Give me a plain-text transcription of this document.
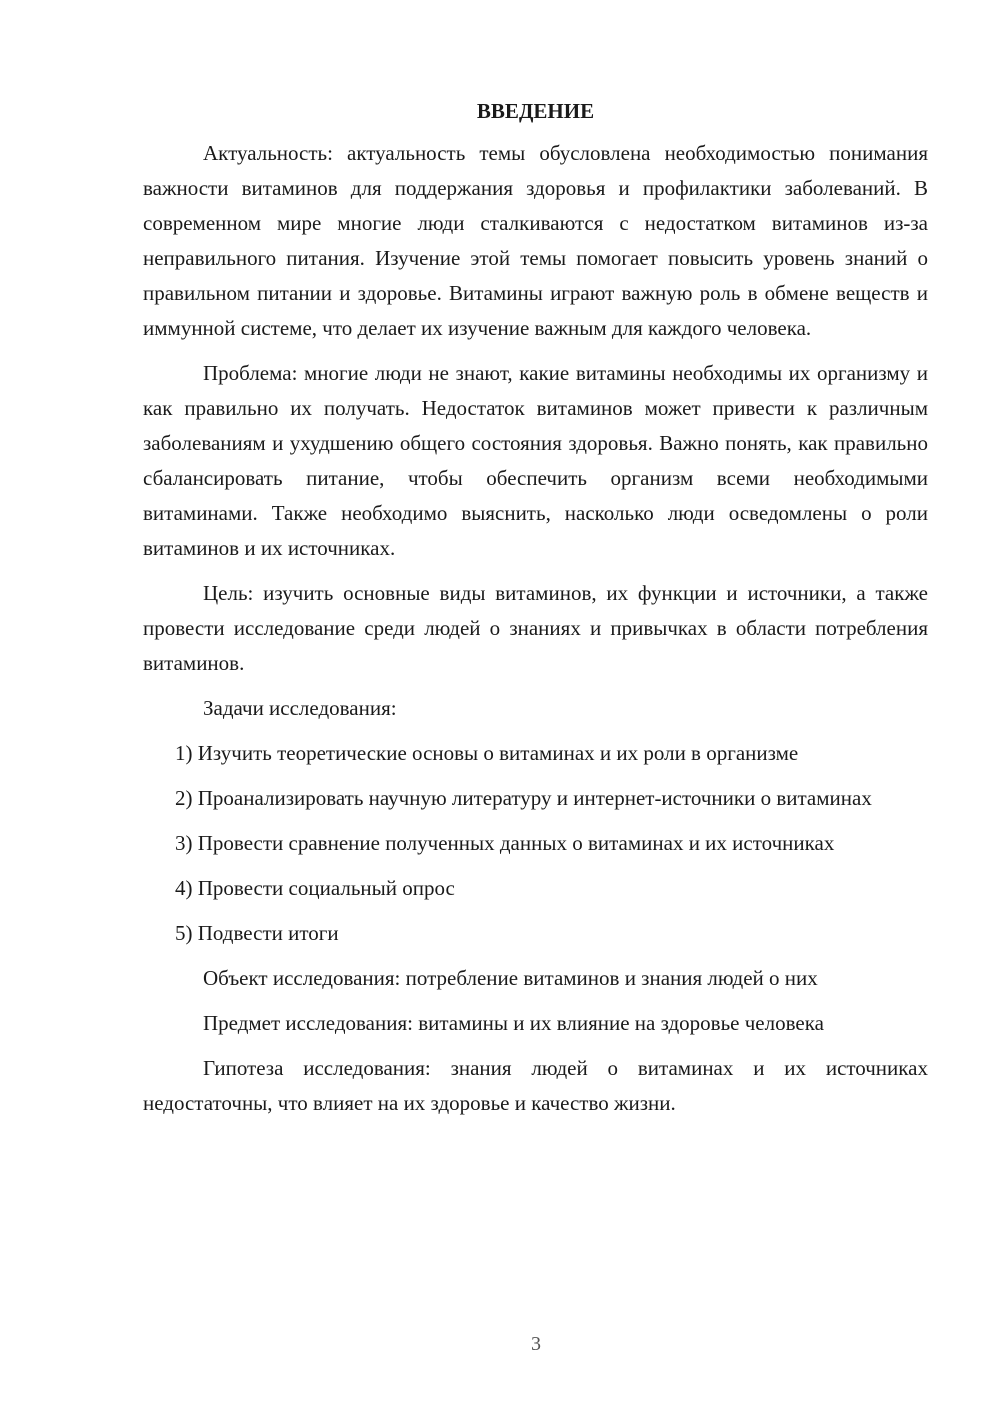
ВВЕДЕНИЕ

Актуальность: актуальность темы обусловлена необходимостью понимания важности витаминов для поддержания здоровья и профилактики заболеваний. В современном мире многие люди сталкиваются с недостатком витаминов из-за неправильного питания. Изучение этой темы помогает повысить уровень знаний о правильном питании и здоровье. Витамины играют важную роль в обмене веществ и иммунной системе, что делает их изучение важным для каждого человека.

Проблема: многие люди не знают, какие витамины необходимы их организму и как правильно их получать. Недостаток витаминов может привести к различным заболеваниям и ухудшению общего состояния здоровья. Важно понять, как правильно сбалансировать питание, чтобы обеспечить организм всеми необходимыми витаминами. Также необходимо выяснить, насколько люди осведомлены о роли витаминов и их источниках.

Цель: изучить основные виды витаминов, их функции и источники, а также провести исследование среди людей о знаниях и привычках в области потребления витаминов.

Задачи исследования:

1) Изучить теоретические основы о витаминах и их роли в организме

2) Проанализировать научную литературу и интернет-источники о витаминах

3) Провести сравнение полученных данных о витаминах и их источниках

4) Провести социальный опрос

5) Подвести итоги

Объект исследования: потребление витаминов и знания людей о них

Предмет исследования: витамины и их влияние на здоровье человека

Гипотеза исследования: знания людей о витаминах и их источниках недостаточны, что влияет на их здоровье и качество жизни.

3
